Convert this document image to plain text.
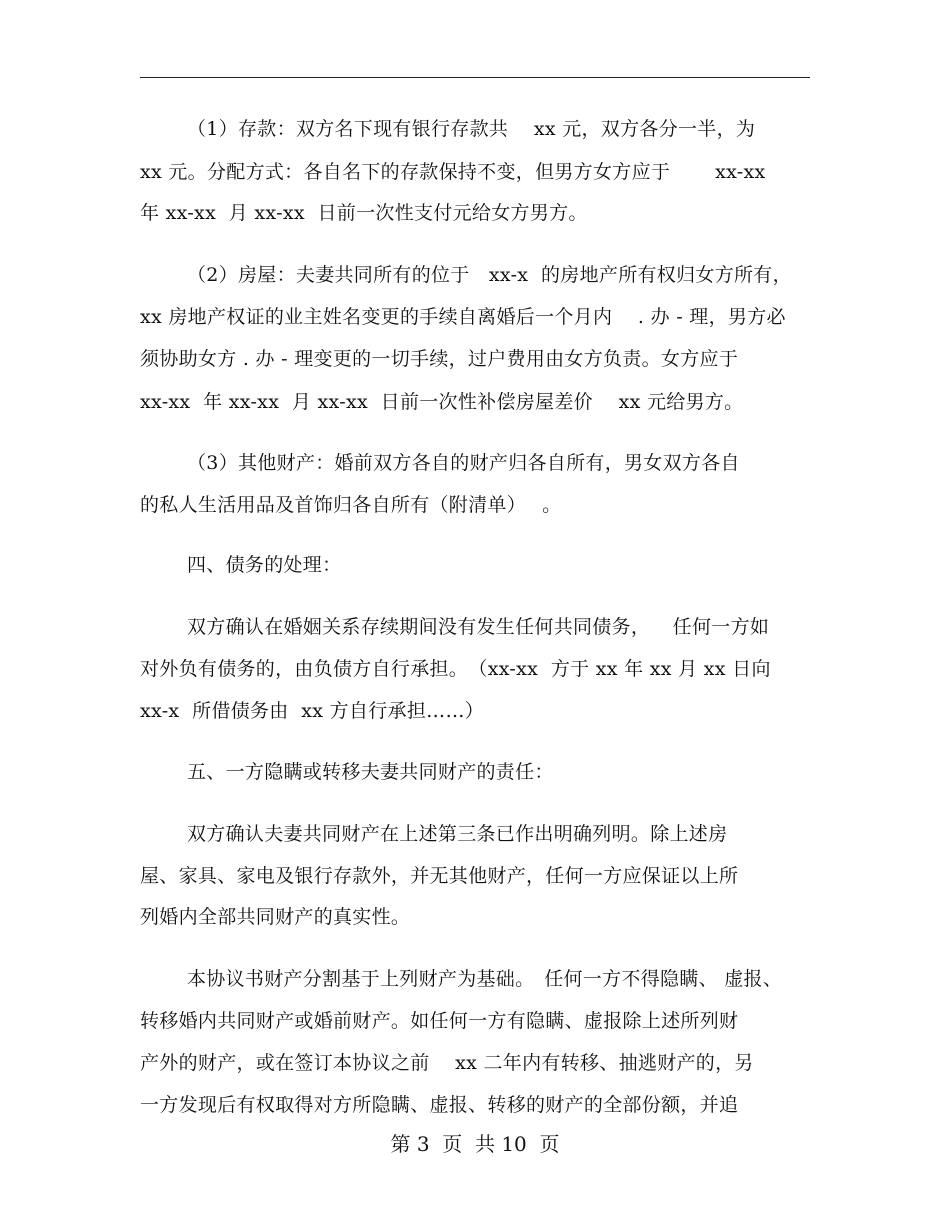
（1）存款：双方名下现有银行存款共　 xx 元，双方各分一半，为
xx 元。分配方式：各自名下的存款保持不变，但男方女方应于　　 xx-xx
年 xx-xx  月 xx-xx  日前一次性支付元给女方男方。
（2）房屋：夫妻共同所有的位于　xx-x  的房地产所有权归女方所有，
xx 房地产权证的业主姓名变更的手续自离婚后一个月内　 . 办 - 理，男方必
须协助女方 . 办 - 理变更的一切手续，过户费用由女方负责。女方应于
xx-xx  年 xx-xx  月 xx-xx  日前一次性补偿房屋差价　 xx 元给男方。
（3）其他财产：婚前双方各自的财产归各自所有，男女双方各自
的私人生活用品及首饰归各自所有（附清单）　 。
四、债务的处理：
双方确认在婚姻关系存续期间没有发生任何共同债务，　  任何一方如
对外负有债务的，由负债方自行承担。　（xx-xx  方于 xx 年 xx 月 xx 日向
xx-x  所借债务由  xx 方自行承担……）
五、一方隐瞒或转移夫妻共同财产的责任：
双方确认夫妻共同财产在上述第三条已作出明确列明。除上述房
屋、家具、家电及银行存款外，并无其他财产，任何一方应保证以上所
列婚内全部共同财产的真实性。
本协议书财产分割基于上列财产为基础。　任何一方不得隐瞒、 虚报、
转移婚内共同财产或婚前财产。如任何一方有隐瞒、虚报除上述所列财
产外的财产，或在签订本协议之前　 xx 二年内有转移、抽逃财产的，另
一方发现后有权取得对方所隐瞒、虚报、转移的财产的全部份额，并追
第 3  页  共 10  页
